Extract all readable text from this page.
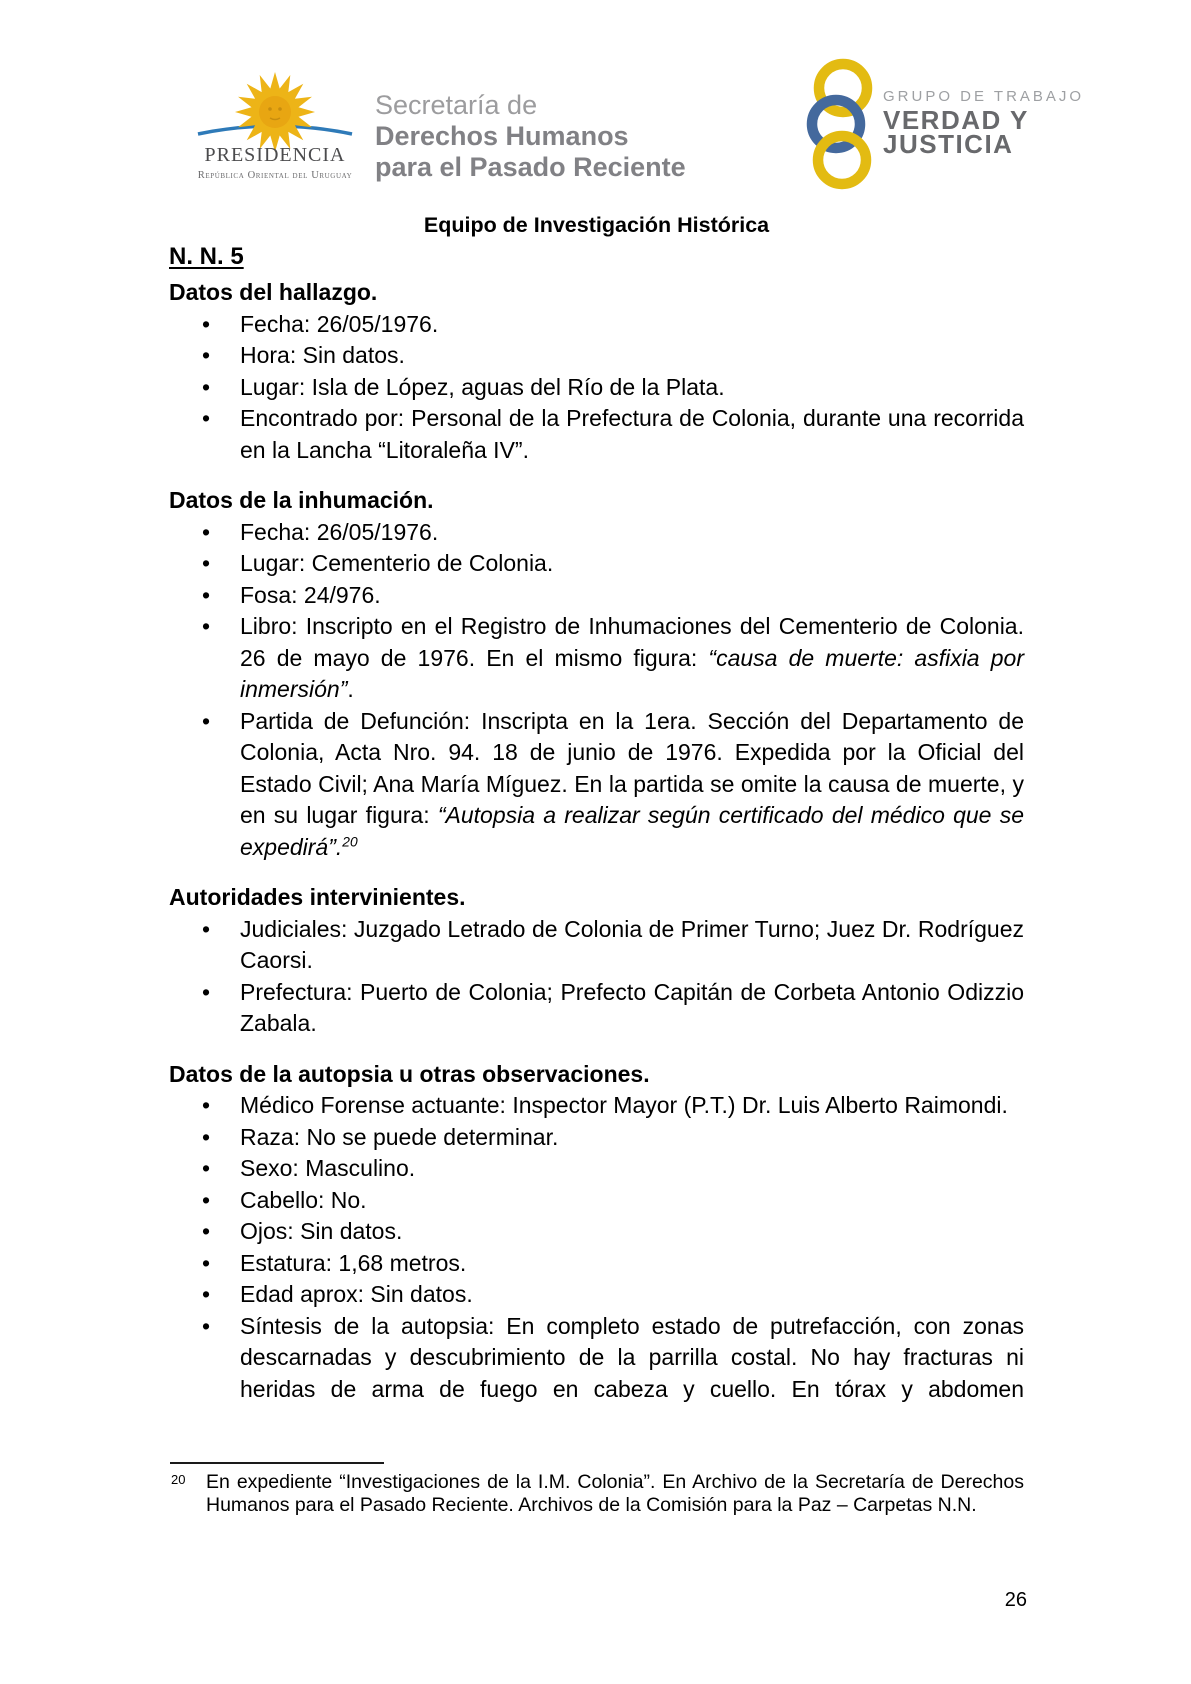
PRESIDENCIA
República Oriental del Uruguay
Secretaría de
Derechos Humanos
para el Pasado Reciente
GRUPO DE TRABAJO
VERDAD Y
JUSTICIA

Equipo de Investigación Histórica

N. N. 5
Datos del hallazgo.
• Fecha: 26/05/1976.
• Hora: Sin datos.
• Lugar: Isla de López, aguas del Río de la Plata.
• Encontrado por: Personal de la Prefectura de Colonia, durante una recorrida en la Lancha “Litoraleña IV”.
Datos de la inhumación.
• Fecha: 26/05/1976.
• Lugar: Cementerio de Colonia.
• Fosa: 24/976.
• Libro: Inscripto en el Registro de Inhumaciones del Cementerio de Colonia. 26 de mayo de 1976. En el mismo figura: “causa de muerte: asfixia por inmersión”.
• Partida de Defunción: Inscripta en la 1era. Sección del Departamento de Colonia, Acta Nro. 94. 18 de junio de 1976. Expedida por la Oficial del Estado Civil; Ana María Míguez. En la partida se omite la causa de muerte, y en su lugar figura: “Autopsia a realizar según certificado del médico que se expedirá”.$^{20}$
Autoridades intervinientes.
• Judiciales: Juzgado Letrado de Colonia de Primer Turno; Juez Dr. Rodríguez Caorsi.
• Prefectura: Puerto de Colonia; Prefecto Capitán de Corbeta Antonio Odizzio Zabala.
Datos de la autopsia u otras observaciones.
• Médico Forense actuante: Inspector Mayor (P.T.) Dr. Luis Alberto Raimondi.
• Raza: No se puede determinar.
• Sexo: Masculino.
• Cabello: No.
• Ojos: Sin datos.
• Estatura: 1,68 metros.
• Edad aprox: Sin datos.
• Síntesis de la autopsia: En completo estado de putrefacción, con zonas descarnadas y descubrimiento de la parrilla costal. No hay fracturas ni heridas de arma de fuego en cabeza y cuello. En tórax y abdomen
20 En expediente “Investigaciones de la I.M. Colonia”. En Archivo de la Secretaría de Derechos Humanos para el Pasado Reciente. Archivos de la Comisión para la Paz – Carpetas N.N.
26
